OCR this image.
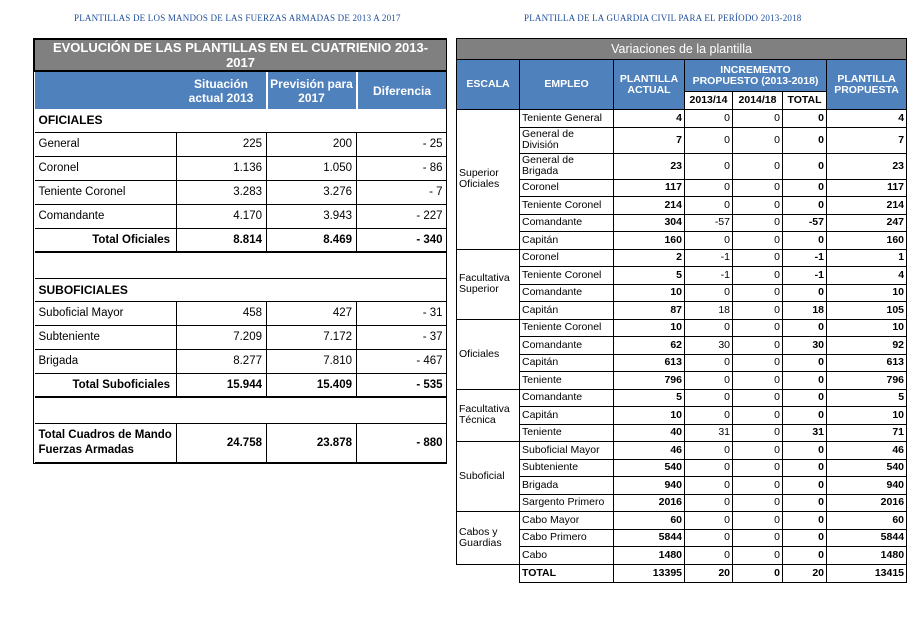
PLANTILLAS DE LOS MANDOS DE LAS FUERZAS ARMADAS DE 2013 A 2017	PLANTILLA DE LA GUARDIA CIVIL PARA EL PERÍODO 2013-2018
EVOLUCIÓN DE LAS PLANTILLAS EN EL CUATRIENIO 2013-2017			
	Situación actual 2013	Previsión para 2017	Diferencia
OFICIALES			
General	225	200	- 25
Coronel	1.136	1.050	- 86
Teniente Coronel	3.283	3.276	- 7
Comandante	4.170	3.943	- 227
Total Oficiales	8.814	8.469	- 340

SUBOFICIALES			
Suboficial Mayor	458	427	- 31
Subteniente	7.209	7.172	- 37
Brigada	8.277	7.810	- 467
Total Suboficiales	15.944	15.409	- 535

Total Cuadros de Mando Fuerzas Armadas	24.758	23.878	- 880
Variaciones de la plantilla						
ESCALA	EMPLEO	PLANTILLA ACTUAL	INCREMENTO PROPUESTO (2013-2018)			PLANTILLA PROPUESTA
			2013/14	2014/18	TOTAL	
Superior Oficiales	Teniente General	4	0	0	0	4
	General de División	7	0	0	0	7
	General de Brigada	23	0	0	0	23
	Coronel	117	0	0	0	117
	Teniente Coronel	214	0	0	0	214
	Comandante	304	-57	0	-57	247
	Capitán	160	0	0	0	160
Facultativa Superior	Coronel	2	-1	0	-1	1
	Teniente Coronel	5	-1	0	-1	4
	Comandante	10	0	0	0	10
	Capitán	87	18	0	18	105
Oficiales	Teniente Coronel	10	0	0	0	10
	Comandante	62	30	0	30	92
	Capitán	613	0	0	0	613
	Teniente	796	0	0	0	796
Facultativa Técnica	Comandante	5	0	0	0	5
	Capitán	10	0	0	0	10
	Teniente	40	31	0	31	71
Suboficial	Suboficial Mayor	46	0	0	0	46
	Subteniente	540	0	0	0	540
	Brigada	940	0	0	0	940
	Sargento Primero	2016	0	0	0	2016
Cabos y Guardias	Cabo Mayor	60	0	0	0	60
	Cabo Primero	5844	0	0	0	5844
	Cabo	1480	0	0	0	1480
	TOTAL	13395	20	0	20	13415
